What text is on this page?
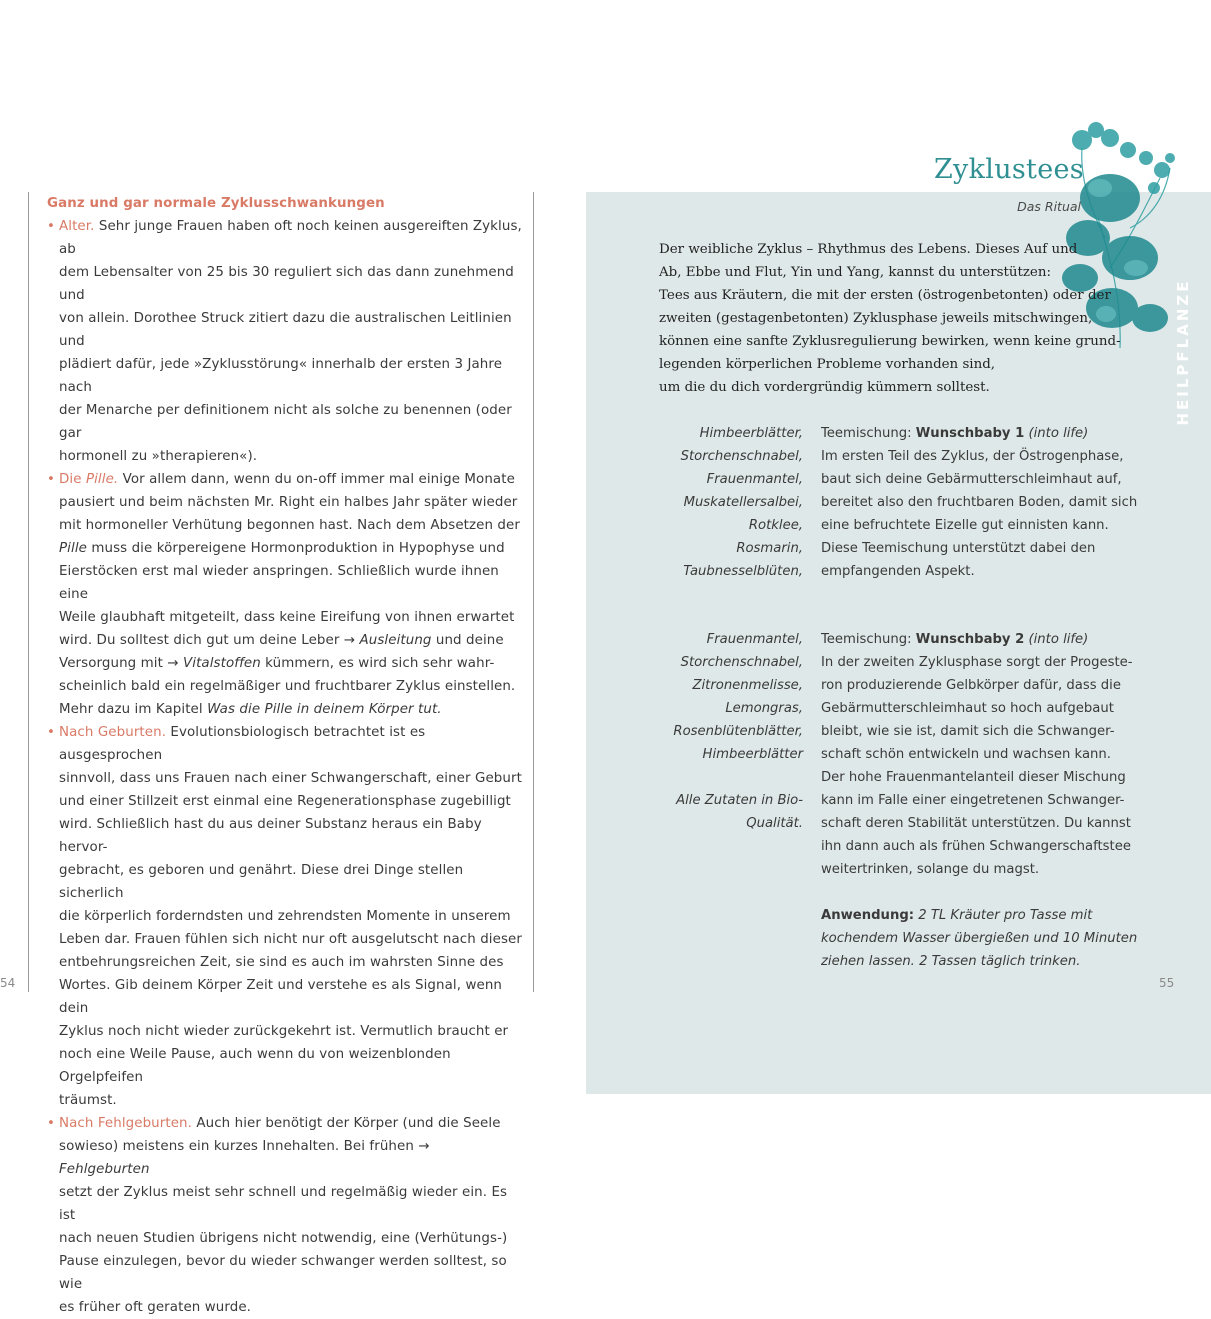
Ganz und gar normale Zyklusschwankungen

• Alter. Sehr junge Frauen haben oft noch keinen ausgereiften Zyklus, ab
dem Lebensalter von 25 bis 30 reguliert sich das dann zunehmend und
von allein. Dorothee Struck zitiert dazu die australischen Leitlinien und
plädiert dafür, jede »Zyklusstörung« innerhalb der ersten 3 Jahre nach
der Menarche per definitionem nicht als solche zu benennen (oder gar
hormonell zu »therapieren«).
• Die Pille. Vor allem dann, wenn du on-off immer mal einige Monate
pausiert und beim nächsten Mr. Right ein halbes Jahr später wieder
mit hormoneller Verhütung begonnen hast. Nach dem Absetzen der
Pille muss die körpereigene Hormonproduktion in Hypophyse und
Eierstöcken erst mal wieder anspringen. Schließlich wurde ihnen eine
Weile glaubhaft mitgeteilt, dass keine Eireifung von ihnen erwartet
wird. Du solltest dich gut um deine Leber → Ausleitung und deine
Versorgung mit → Vitalstoffen kümmern, es wird sich sehr wahr-
scheinlich bald ein regelmäßiger und fruchtbarer Zyklus einstellen.
Mehr dazu im Kapitel Was die Pille in deinem Körper tut.
• Nach Geburten. Evolutionsbiologisch betrachtet ist es ausgesprochen
sinnvoll, dass uns Frauen nach einer Schwangerschaft, einer Geburt
und einer Stillzeit erst einmal eine Regenerationsphase zugebilligt
wird. Schließlich hast du aus deiner Substanz heraus ein Baby hervor-
gebracht, es geboren und genährt. Diese drei Dinge stellen sicherlich
die körperlich forderndsten und zehrendsten Momente in unserem
Leben dar. Frauen fühlen sich nicht nur oft ausgelutscht nach dieser
entbehrungsreichen Zeit, sie sind es auch im wahrsten Sinne des
Wortes. Gib deinem Körper Zeit und verstehe es als Signal, wenn dein
Zyklus noch nicht wieder zurückgekehrt ist. Vermutlich braucht er
noch eine Weile Pause, auch wenn du von weizenblonden Orgelpfeifen
träumst.
• Nach Fehlgeburten. Auch hier benötigt der Körper (und die Seele
sowieso) meistens ein kurzes Innehalten. Bei frühen → Fehlgeburten
setzt der Zyklus meist sehr schnell und regelmäßig wieder ein. Es ist
nach neuen Studien übrigens nicht notwendig, eine (Verhütungs-)
Pause einzulegen, bevor du wieder schwanger werden solltest, so wie
es früher oft geraten wurde.
54
Zyklustees
Das Ritual
HEILPFLANZE
Der weibliche Zyklus – Rhythmus des Lebens. Dieses Auf und
Ab, Ebbe und Flut, Yin und Yang, kannst du unterstützen:
Tees aus Kräutern, die mit der ersten (östrogenbetonten) oder der
zweiten (gestagenbetonten) Zyklusphase jeweils mitschwingen,
können eine sanfte Zyklusregulierung bewirken, wenn keine grund-
legenden körperlichen Probleme vorhanden sind,
um die du dich vordergründig kümmern solltest.
Himbeerblätter,
Storchenschnabel,
Frauenmantel,
Muskatellersalbei,
Rotklee,
Rosmarin,
Taubnesselblüten,
Teemischung: Wunschbaby 1 (into life)
Im ersten Teil des Zyklus, der Östrogenphase,
baut sich deine Gebärmutterschleimhaut auf,
bereitet also den fruchtbaren Boden, damit sich
eine befruchtete Eizelle gut einnisten kann.
Diese Teemischung unterstützt dabei den
empfangenden Aspekt.
Frauenmantel,
Storchenschnabel,
Zitronenmelisse,
Lemongras,
Rosenblütenblätter,
Himbeerblätter
Alle Zutaten in Bio-
Qualität.
Teemischung: Wunschbaby 2 (into life)
In der zweiten Zyklusphase sorgt der Progeste-
ron produzierende Gelbkörper dafür, dass die
Gebärmutterschleimhaut so hoch aufgebaut
bleibt, wie sie ist, damit sich die Schwanger-
schaft schön entwickeln und wachsen kann.
Der hohe Frauenmantelanteil dieser Mischung
kann im Falle einer eingetretenen Schwanger-
schaft deren Stabilität unterstützen. Du kannst
ihn dann auch als frühen Schwangerschaftstee
weitertrinken, solange du magst.
Anwendung: 2 TL Kräuter pro Tasse mit
kochendem Wasser übergießen und 10 Minuten
ziehen lassen. 2 Tassen täglich trinken.
55
